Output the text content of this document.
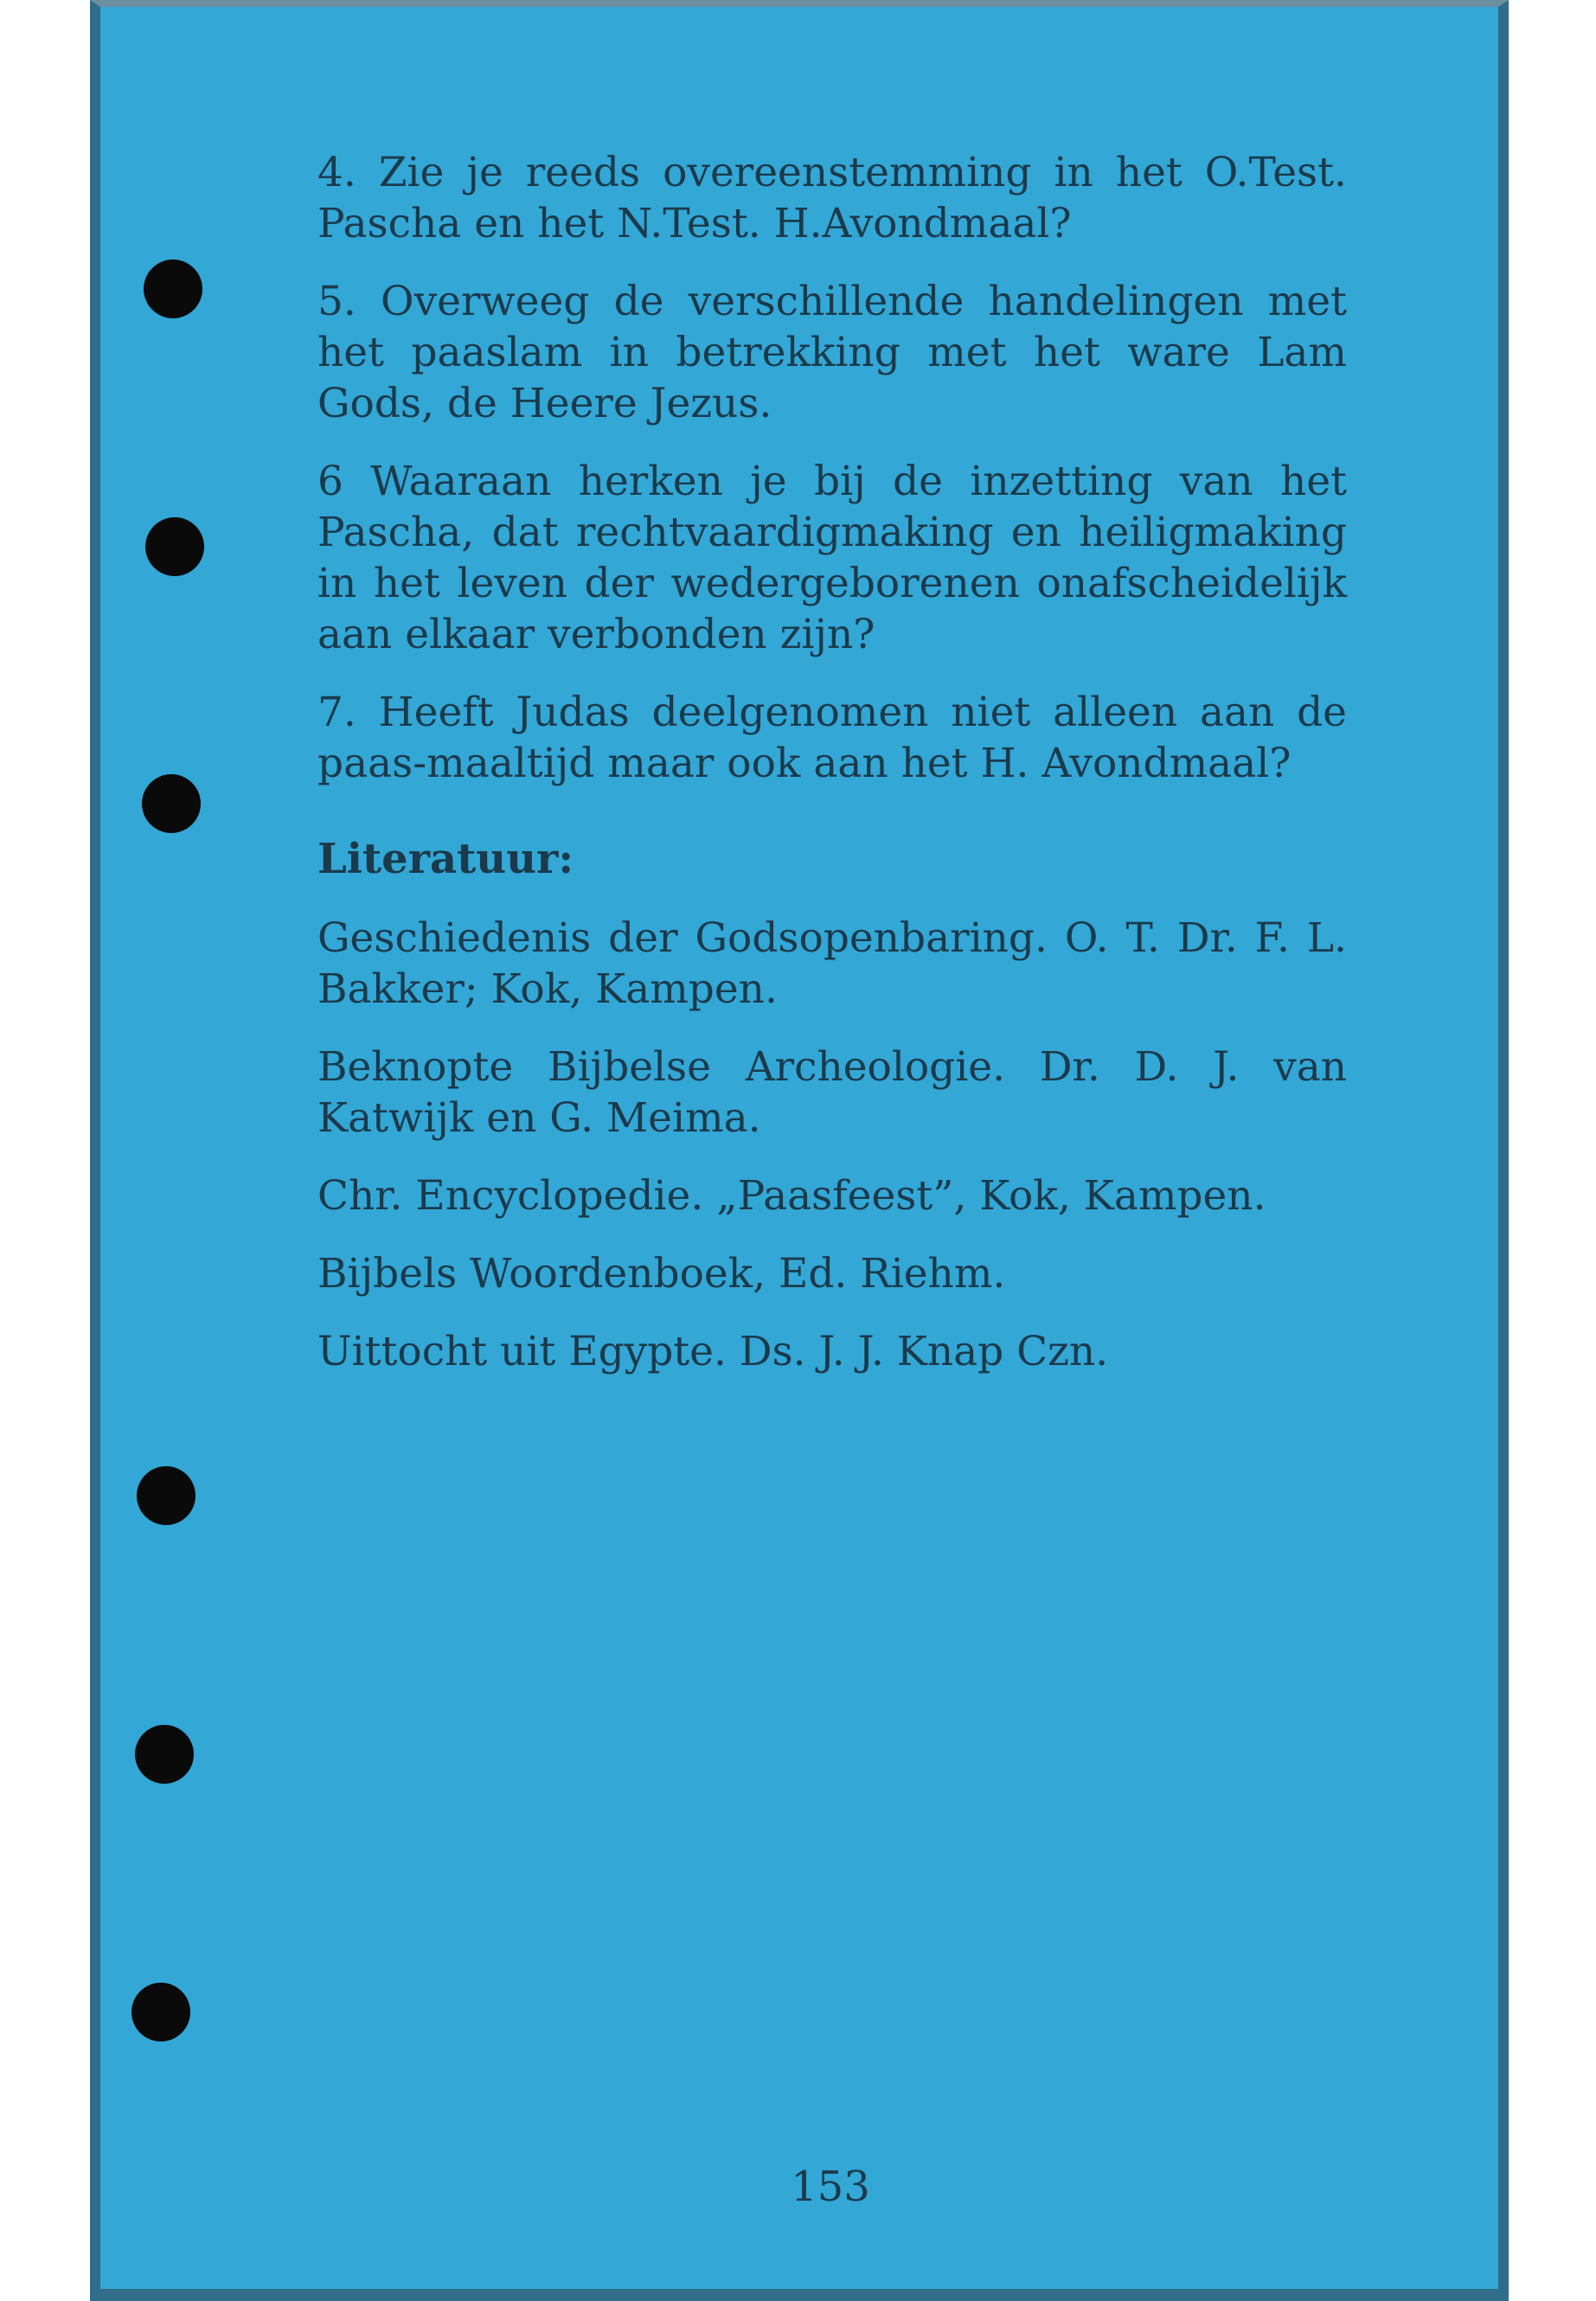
4. Zie je reeds overeenstemming in het O.Test. Pascha en het N.Test. H.Avondmaal?

5. Overweeg de verschillende handelingen met het paaslam in betrekking met het ware Lam Gods, de Heere Jezus.

6 Waaraan herken je bij de inzetting van het Pascha, dat rechtvaardigmaking en heiligmaking in het leven der wedergeborenen onafscheidelijk aan elkaar verbonden zijn?

7. Heeft Judas deelgenomen niet alleen aan de paas-maaltijd maar ook aan het H. Avondmaal?

Literatuur:

Geschiedenis der Godsopenbaring. O. T. Dr. F. L. Bakker; Kok, Kampen.

Beknopte Bijbelse Archeologie. Dr. D. J. van Katwijk en G. Meima.

Chr. Encyclopedie. „Paasfeest”, Kok, Kampen.

Bijbels Woordenboek, Ed. Riehm.

Uittocht uit Egypte. Ds. J. J. Knap Czn.

153
